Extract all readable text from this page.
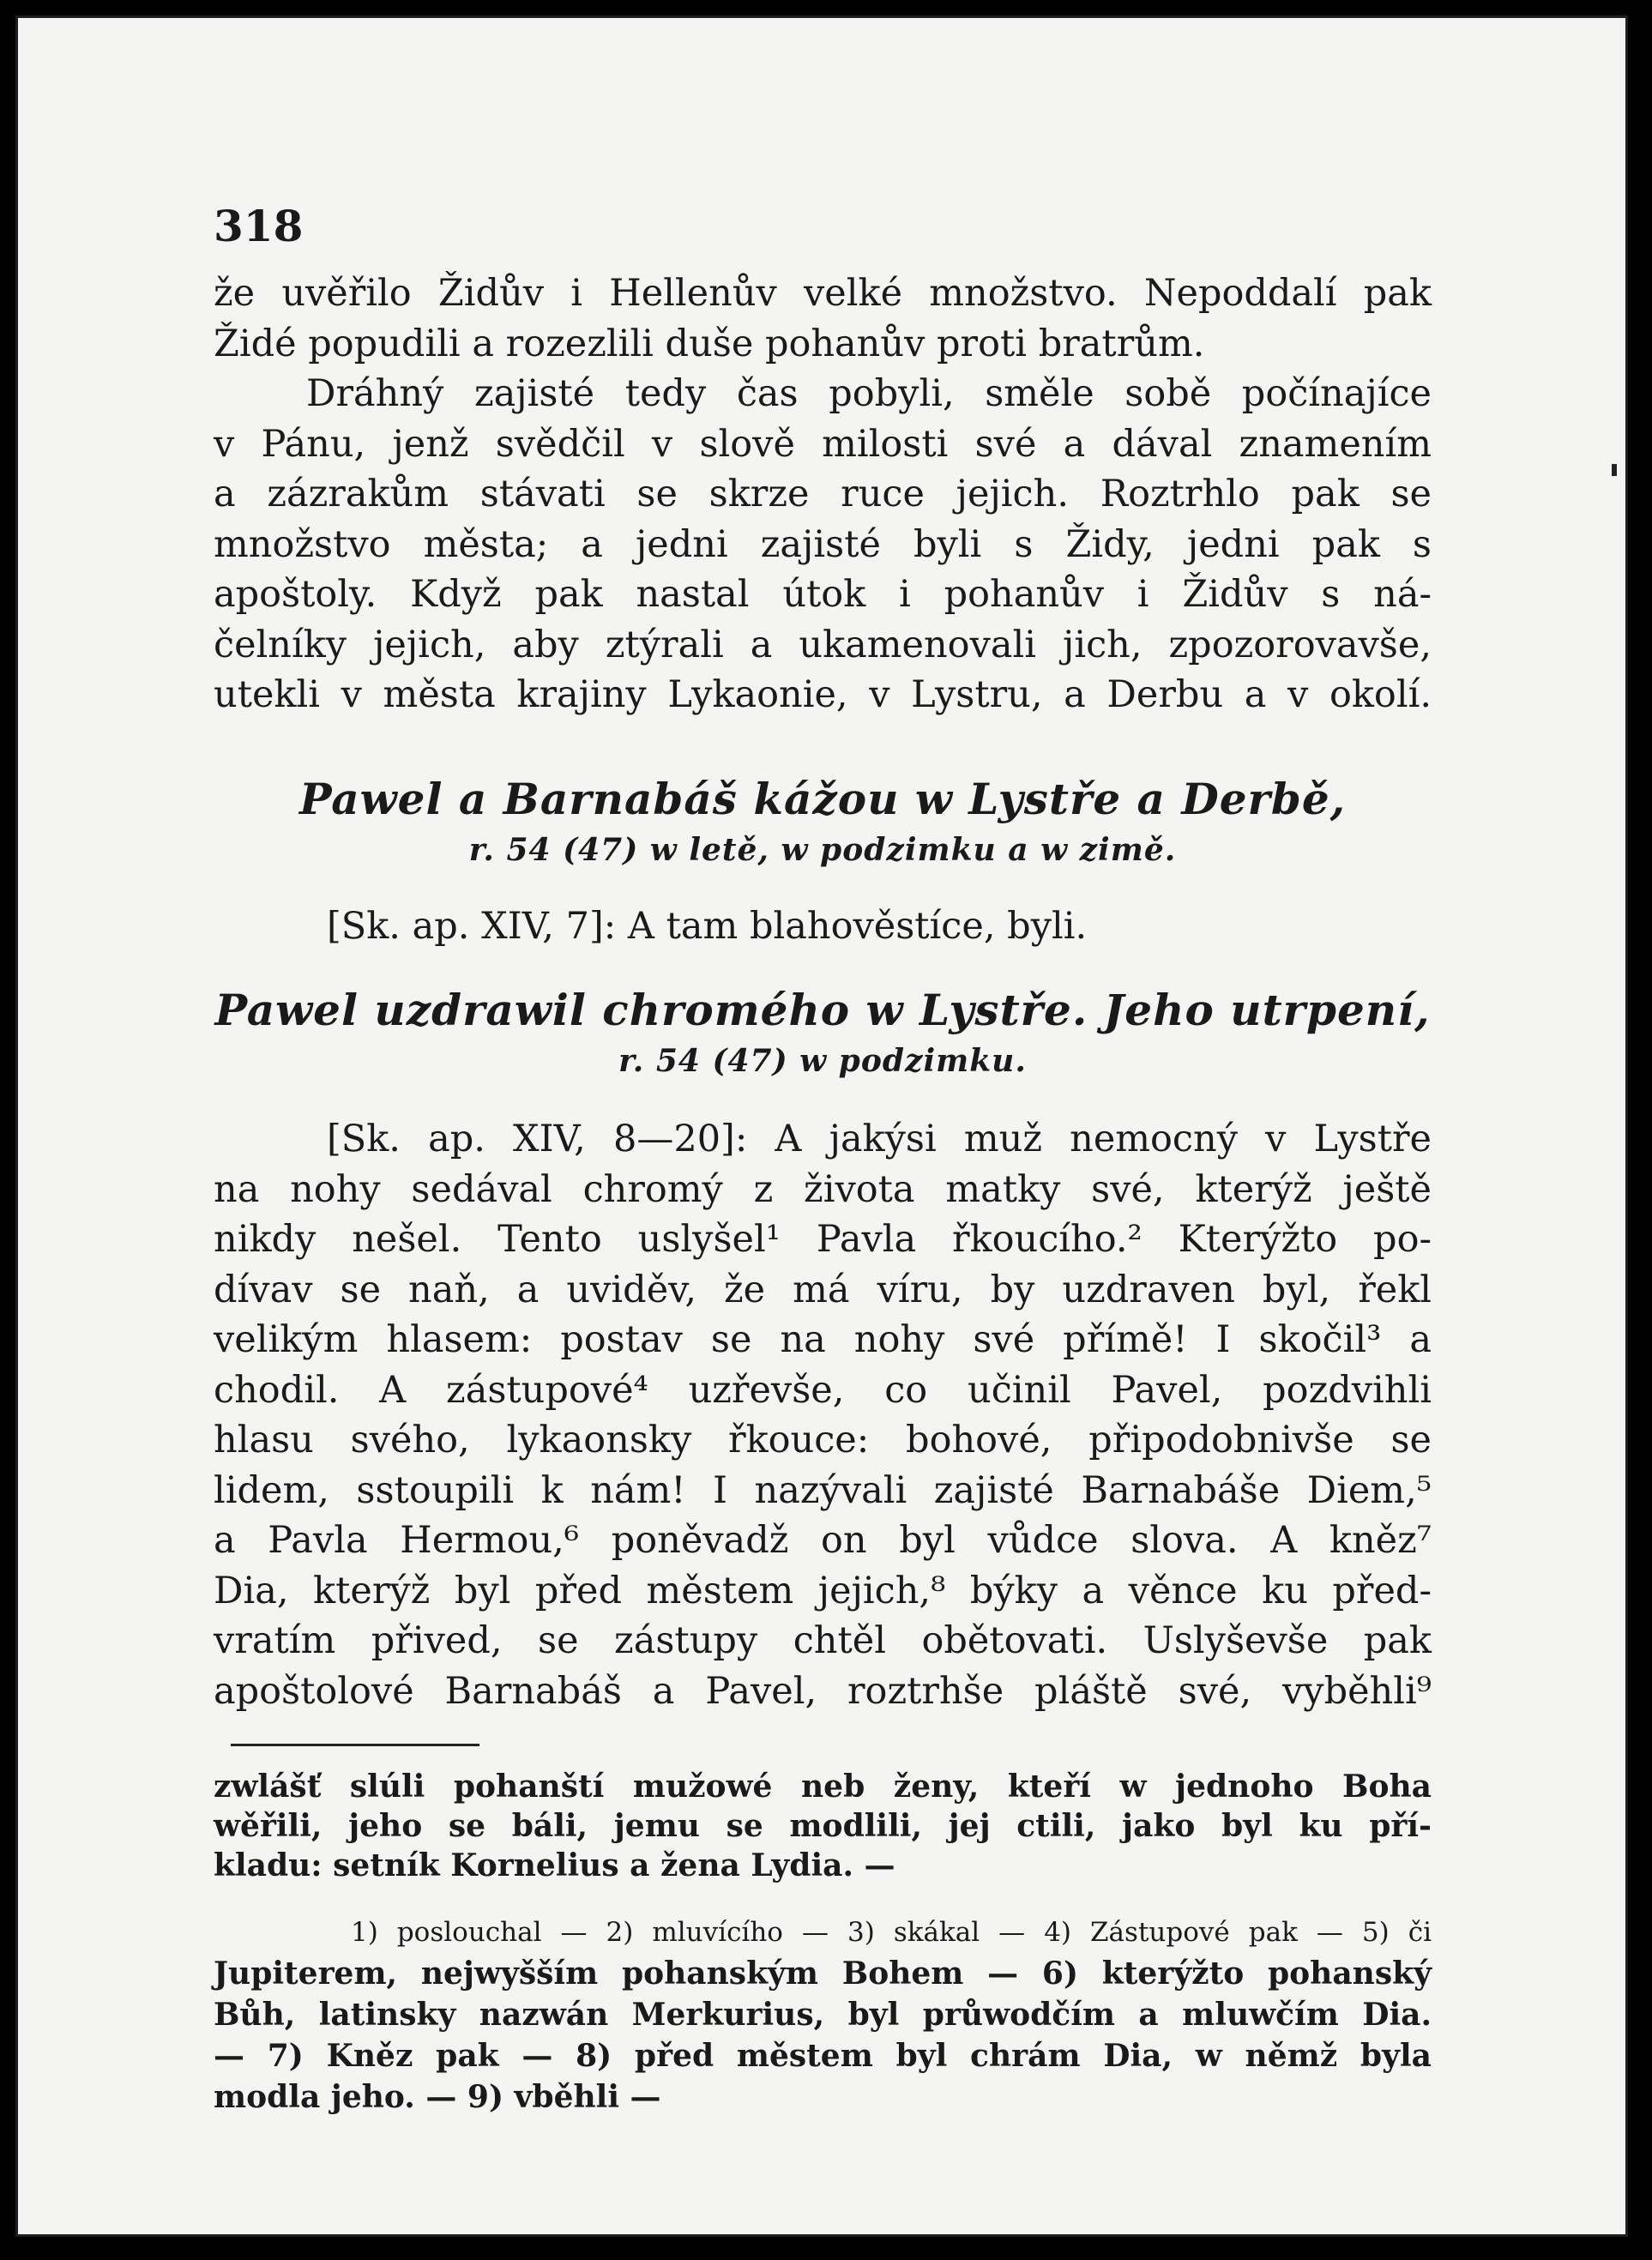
318
že uvěřilo Židův i Hellenův velké množstvo. Nepoddalí pak
Židé popudili a rozezlili duše pohanův proti bratrům.
Dráhný zajisté tedy čas pobyli, směle sobě počínajíce
v Pánu, jenž svědčil v slově milosti své a dával znamením
a zázrakům stávati se skrze ruce jejich. Roztrhlo pak se
množstvo města; a jedni zajisté byli s Židy, jedni pak s
apoštoly. Když pak nastal útok i pohanův i Židův s ná-
čelníky jejich, aby ztýrali a ukamenovali jich, zpozorovavše,
utekli v města krajiny Lykaonie, v Lystru, a Derbu a v okolí.
Pawel a Barnabáš kážou w Lystře a Derbě,
r. 54 (47) w letě, w podzimku a w zimě.
[Sk. ap. XIV, 7]: A tam blahověstíce, byli.
Pawel uzdrawil chromého w Lystře. Jeho utrpení,
r. 54 (47) w podzimku.
[Sk. ap. XIV, 8—20]: A jakýsi muž nemocný v Lystře
na nohy sedával chromý z života matky své, kterýž ještě
nikdy nešel. Tento uslyšel¹ Pavla řkoucího.² Kterýžto po-
dívav se naň, a uviděv, že má víru, by uzdraven byl, řekl
velikým hlasem: postav se na nohy své přímě! I skočil³ a
chodil. A zástupové⁴ uzřevše, co učinil Pavel, pozdvihli
hlasu svého, lykaonsky řkouce: bohové, připodobnivše se
lidem, sstoupili k nám! I nazývali zajisté Barnabáše Diem,⁵
a Pavla Hermou,⁶ poněvadž on byl vůdce slova. A kněz⁷
Dia, kterýž byl před městem jejich,⁸ býky a věnce ku před-
vratím přived, se zástupy chtěl obětovati. Uslyševše pak
apoštolové Barnabáš a Pavel, roztrhše pláště své, vyběhli⁹
zwlášť slúli pohanští mužowé neb ženy, kteří w jednoho Boha
wěřili, jeho se báli, jemu se modlili, jej ctili, jako byl ku pří-
kladu: setník Kornelius a žena Lydia. —
1) poslouchal — 2) mluvícího — 3) skákal — 4) Zástupové pak — 5) či
Jupiterem, nejwyšším pohanským Bohem — 6) kterýžto pohanský
Bůh, latinsky nazwán Merkurius, byl průwodčím a mluwčím Dia.
— 7) Kněz pak — 8) před městem byl chrám Dia, w němž byla
modla jeho. — 9) vběhli —
